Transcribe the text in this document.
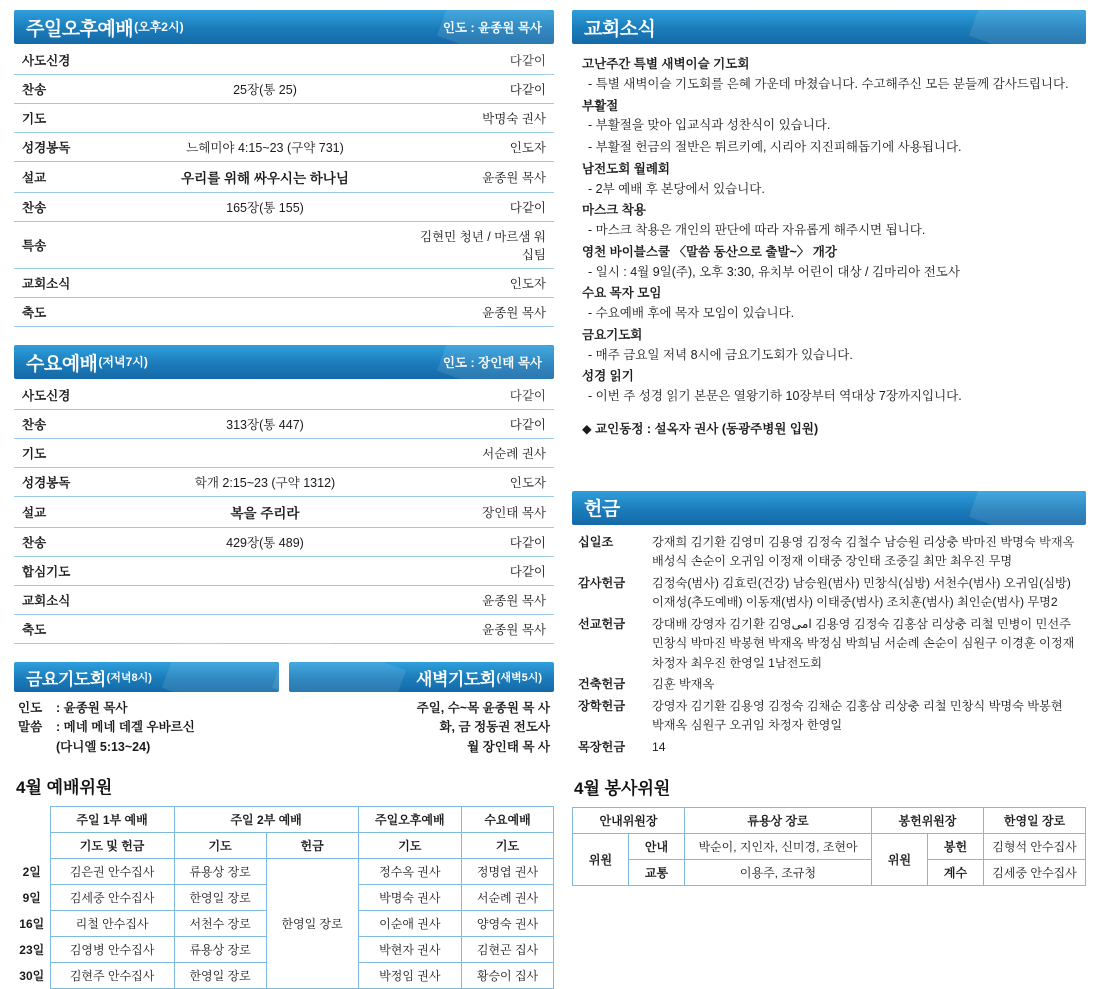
주일오후예배 (오후2시)	인도 : 윤종원 목사
사도신경		다같이
찬송	25장(통 25)	다같이
기도		박명숙 권사
성경봉독	느헤미야 4:15~23 (구약 731)	인도자
설교	우리를 위해 싸우시는 하나님	윤종원 목사
찬송	165장(통 155)	다같이
특송		김현민 청년 / 마르샘 워십팀
교회소식		인도자
축도		윤종원 목사
수요예배 (저녁7시)	인도 : 장인태 목사
사도신경		다같이
찬송	313장(통 447)	다같이
기도		서순례 권사
성경봉독	학개 2:15~23 (구약 1312)	인도자
설교	복을 주리라	장인태 목사
찬송	429장(통 489)	다같이
합심기도		다같이
교회소식		윤종원 목사
축도		윤종원 목사
금요기도회 (저녁8시)
인도 : 윤종원 목사
말씀 : 메네 메네 데겔 우바르신
(다니엘 5:13~24)
새벽기도회 (새벽5시)
주일, 수~목 윤종원 목 사
화, 금 정동권 전도사
월 장인태 목 사
4월 예배위원
	주일 1부 예배	주일 2부 예배		주일오후예배	수요예배
	기도 및 헌금	기도	헌금	기도	기도
2일	김은권 안수집사	류용상 장로	한영일 장로	정수옥 권사	정명엽 권사
9일	김세중 안수집사	한영일 장로		박명숙 권사	서순례 권사
16일	리철 안수집사	서천수 장로		이순애 권사	양영숙 권사
23일	김영병 안수집사	류용상 장로		박현자 권사	김현곤 집사
30일	김현주 안수집사	한영일 장로		박정임 권사	황승이 집사
교회소식
고난주간 특별 새벽이슬 기도회
- 특별 새벽이슬 기도회를 은혜 가운데 마쳤습니다. 수고해주신 모든 분들께 감사드립니다.
부활절
- 부활절을 맞아 입교식과 성찬식이 있습니다.
- 부활절 헌금의 절반은 튀르키예, 시리아 지진피해돕기에 사용됩니다.
남전도회 월례회
- 2부 예배 후 본당에서 있습니다.
마스크 착용
- 마스크 착용은 개인의 판단에 따라 자유롭게 해주시면 됩니다.
영천 바이블스쿨 〈말씀 동산으로 출발~〉 개강
- 일시 : 4월 9일(주), 오후 3:30, 유치부 어린이 대상 / 김마리아 전도사
수요 목자 모임
- 수요예배 후에 목자 모임이 있습니다.
금요기도회
- 매주 금요일 저녁 8시에 금요기도회가 있습니다.
성경 읽기
- 이번 주 성경 읽기 본문은 열왕기하 10장부터 역대상 7장까지입니다.
◆ 교인동정 : 설옥자 권사 (동광주병원 입원)
헌금
십일조	강재희 김기환 김영미 김용영 김정숙 김철수 남승원 리상충 박마진 박명숙 박재옥
배성식 손순이 오귀임 이정재 이태중 장인태 조중길 최만 최우진 무명
감사헌금	김정숙(범사) 김효린(건강) 남승원(범사) 민창식(심방) 서천수(범사) 오귀임(심방)
이재성(추도예배) 이동재(범사) 이태중(범사) 조치훈(범사) 최인순(범사) 무명2
선교헌금	강대배 강영자 김기환 김영امی 김용영 김정숙 김홍삼 리상충 리철 민병이 민선주
민창식 박마진 박봉현 박재옥 박정심 박희님 서순례 손순이 심원구 이경훈 이정재
차정자 최우진 한영일 1남전도회
건축헌금	김훈 박재옥
장학헌금	강영자 김기환 김용영 김정숙 김채순 김홍삼 리상충 리철 민창식 박명숙 박봉현
박재옥 심원구 오귀임 차정자 한영일
목장헌금	14
4월 봉사위원
안내위원장		류용상 장로	봉헌위원장		한영일 장로
위원	안내	박순이, 지인자, 신미경, 조현아	위원	봉헌	김형석 안수집사
	교통	이용주, 조규청		계수	김세중 안수집사
